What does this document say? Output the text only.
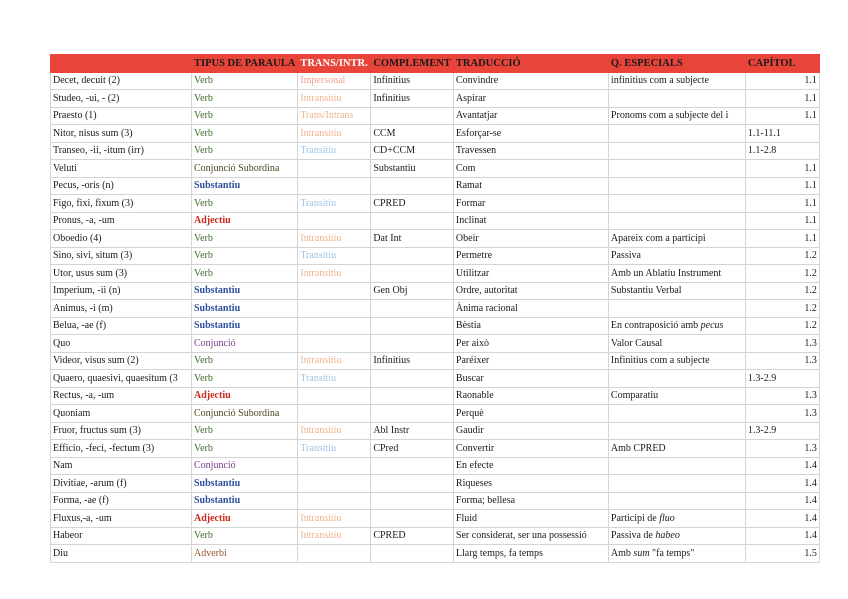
	TIPUS DE PARAULA	TRANS/INTR.	COMPLEMENT	TRADUCCIÓ	Q. ESPECIALS	CAPÍTOL
Decet, decuit (2)	Verb	Impersonal	Infinitius	Convindre	infinitius com a subjecte	1.1
Studeo, -ui, - (2)	Verb	Intransitiu	Infinitius	Aspirar		1.1
Praesto (1)	Verb	Trans/Intrans		Avantatjar	Pronoms com a subjecte del i	1.1
Nitor, nisus sum (3)	Verb	Intransitiu	CCM	Esforçar-se		1.1-11.1
Transeo, -ii, -itum (irr)	Verb	Transitiu	CD+CCM	Travessen		1.1-2.8
Veluti	Conjunció Subordina		Substantiu	Com		1.1
Pecus, -oris (n)	Substantiu			Ramat		1.1
Figo, fixi, fixum (3)	Verb	Transitiu	CPRED	Formar		1.1
Pronus, -a, -um	Adjectiu			Inclinat		1.1
Oboedio (4)	Verb	Intransitiu	Dat Int	Obeir	Apareix com a participi	1.1
Sino, sivi, situm (3)	Verb	Transitiu		Permetre	Passiva	1.2
Utor, usus sum (3)	Verb	Intransitiu		Utilitzar	Amb un Ablatiu Instrument	1.2
Imperium, -ii (n)	Substantiu		Gen Obj	Ordre, autoritat	Substantiu Verbal	1.2
Animus, -i (m)	Substantiu			Ànima racional		1.2
Belua, -ae (f)	Substantiu			Bèstia	En contraposició amb pecus	1.2
Quo	Conjunció			Per això	Valor Causal	1.3
Videor, visus sum (2)	Verb	Intransitiu	Infinitius	Paréixer	Infinitius com a subjecte	1.3
Quaero, quaesivi, quaesitum (3	Verb	Transitiu		Buscar		1.3-2.9
Rectus, -a, -um	Adjectiu			Raonable	Comparatiu	1.3
Quoniam	Conjunció Subordina			Perquè		1.3
Fruor, fructus sum (3)	Verb	Intransitiu	Abl Instr	Gaudir		1.3-2.9
Efficio, -feci, -fectum (3)	Verb	Transitiu	CPred	Convertir	Amb CPRED	1.3
Nam	Conjunció			En efecte		1.4
Divitiae, -arum (f)	Substantiu			Riqueses		1.4
Forma, -ae (f)	Substantiu			Forma; bellesa		1.4
Fluxus,-a, -um	Adjectiu	Intransitiu		Fluid	Participi de fluo	1.4
Habeor	Verb	Intransitiu	CPRED	Ser considerat, ser una possessió	Passiva de habeo	1.4
Diu	Adverbi			Llarg temps, fa temps	Amb sum "fa temps"	1.5
